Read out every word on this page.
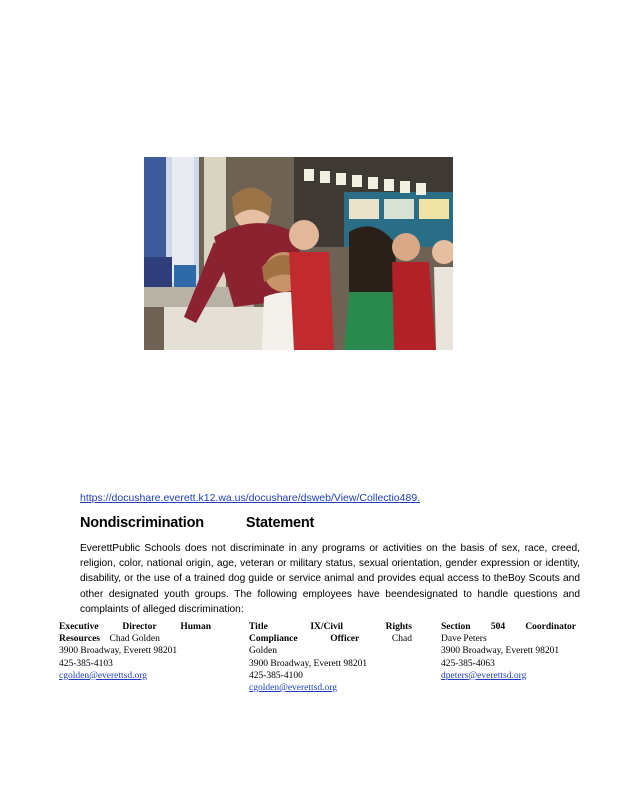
https://docushare.everett.k12.wa.us/docushare/dsweb/View/Collectio489.
Nondiscrimination	Statement
EverettPublic Schools does not discriminate in any programs or activities on the basis of sex, race, creed, religion, color, national origin, age, veteran or military status, sexual orientation, gender expression or identity, disability, or the use of a trained dog guide or service animal and provides equal access to theBoy Scouts and other designated youth groups. The following employees have beendesignated to handle questions and complaints of alleged discrimination:
Executive	Director	Human
Resources Chad Golden
3900 Broadway, Everett 98201
425-385-4103
cgolden@everettsd.org
Title	IX/Civil	Rights
Compliance	Officer	Chad
Golden
3900 Broadway, Everett 98201
425-385-4100
cgolden@everettsd.org
Section 504 Coordinator
Dave Peters
3900 Broadway, Everett 98201
425-385-4063
dpeters@everettsd.org
